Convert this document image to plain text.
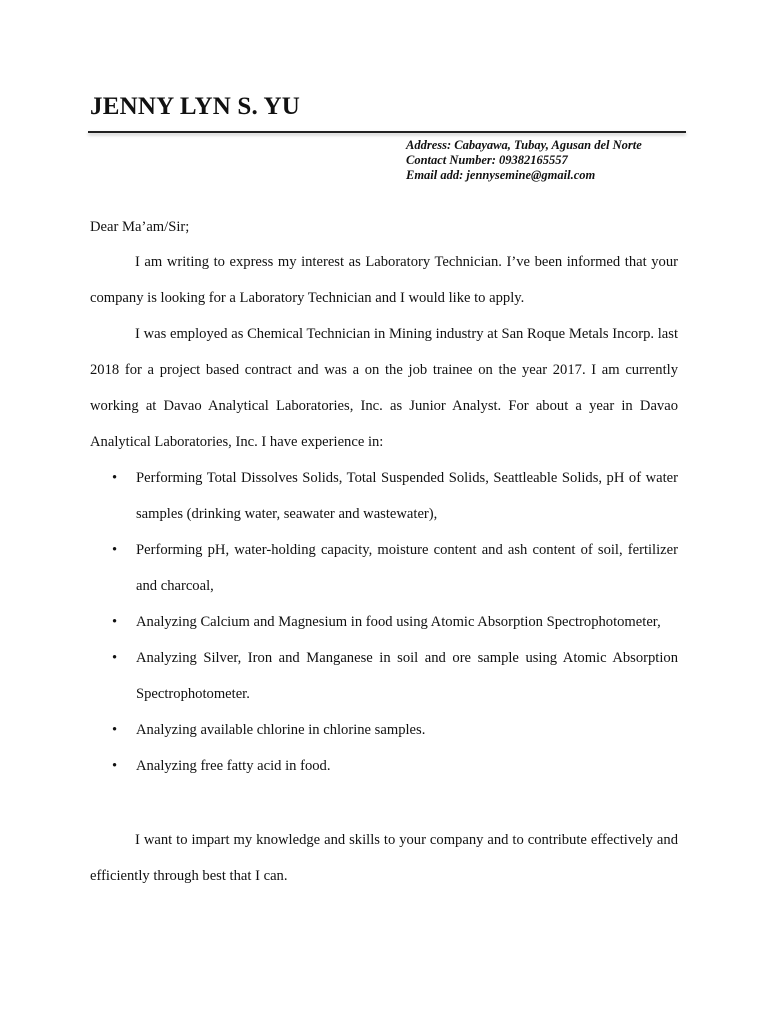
JENNY LYN S. YU
Address: Cabayawa, Tubay, Agusan del Norte
Contact Number: 09382165557
Email add: jennysemine@gmail.com
Dear Ma’am/Sir;

I am writing to express my interest as Laboratory Technician. I’ve been informed that your company is looking for a Laboratory Technician and I would like to apply.

I was employed as Chemical Technician in Mining industry at San Roque Metals Incorp. last 2018 for a project based contract and was a on the job trainee on the year 2017. I am currently working at Davao Analytical Laboratories, Inc. as Junior Analyst. For about a year in Davao Analytical Laboratories, Inc. I have experience in:

• Performing Total Dissolves Solids, Total Suspended Solids, Seattleable Solids, pH of water samples (drinking water, seawater and wastewater),
• Performing pH, water-holding capacity, moisture content and ash content of soil, fertilizer and charcoal,
• Analyzing Calcium and Magnesium in food using Atomic Absorption Spectrophotometer,
• Analyzing Silver, Iron and Manganese in soil and ore sample using Atomic Absorption Spectrophotometer.
• Analyzing available chlorine in chlorine samples.
• Analyzing free fatty acid in food.

I want to impart my knowledge and skills to your company and to contribute effectively and efficiently through best that I can.
